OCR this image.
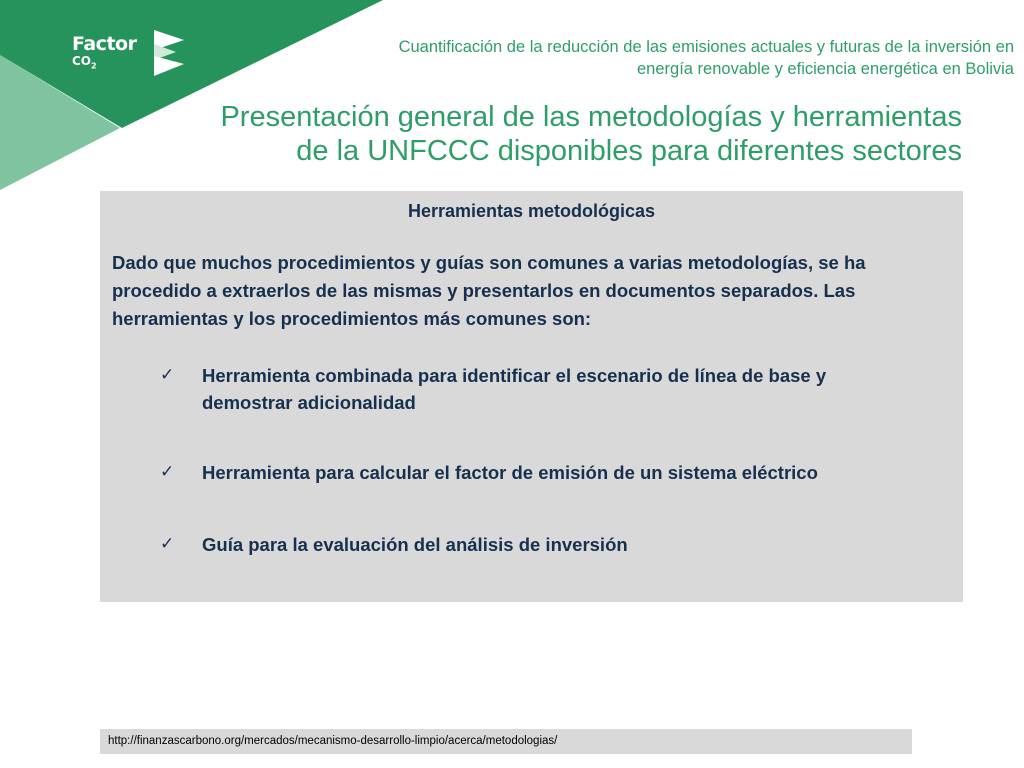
Factor
$CO_2$
Cuantificación de la reducción de las emisiones actuales y futuras de la inversión en
energía renovable y eficiencia energética en Bolivia
Presentación general de las metodologías y herramientas
de la UNFCCC disponibles para diferentes sectores

Herramientas metodológicas

Dado que muchos procedimientos y guías son comunes a varias metodologías, se ha procedido a extraerlos de las mismas y presentarlos en documentos separados. Las herramientas y los procedimientos más comunes son:

✓ Herramienta combinada para identificar el escenario de línea de base y demostrar adicionalidad
✓ Herramienta para calcular el factor de emisión de un sistema eléctrico
✓ Guía para la evaluación del análisis de inversión
http://finanzascarbono.org/mercados/mecanismo-desarrollo-limpio/acerca/metodologias/
